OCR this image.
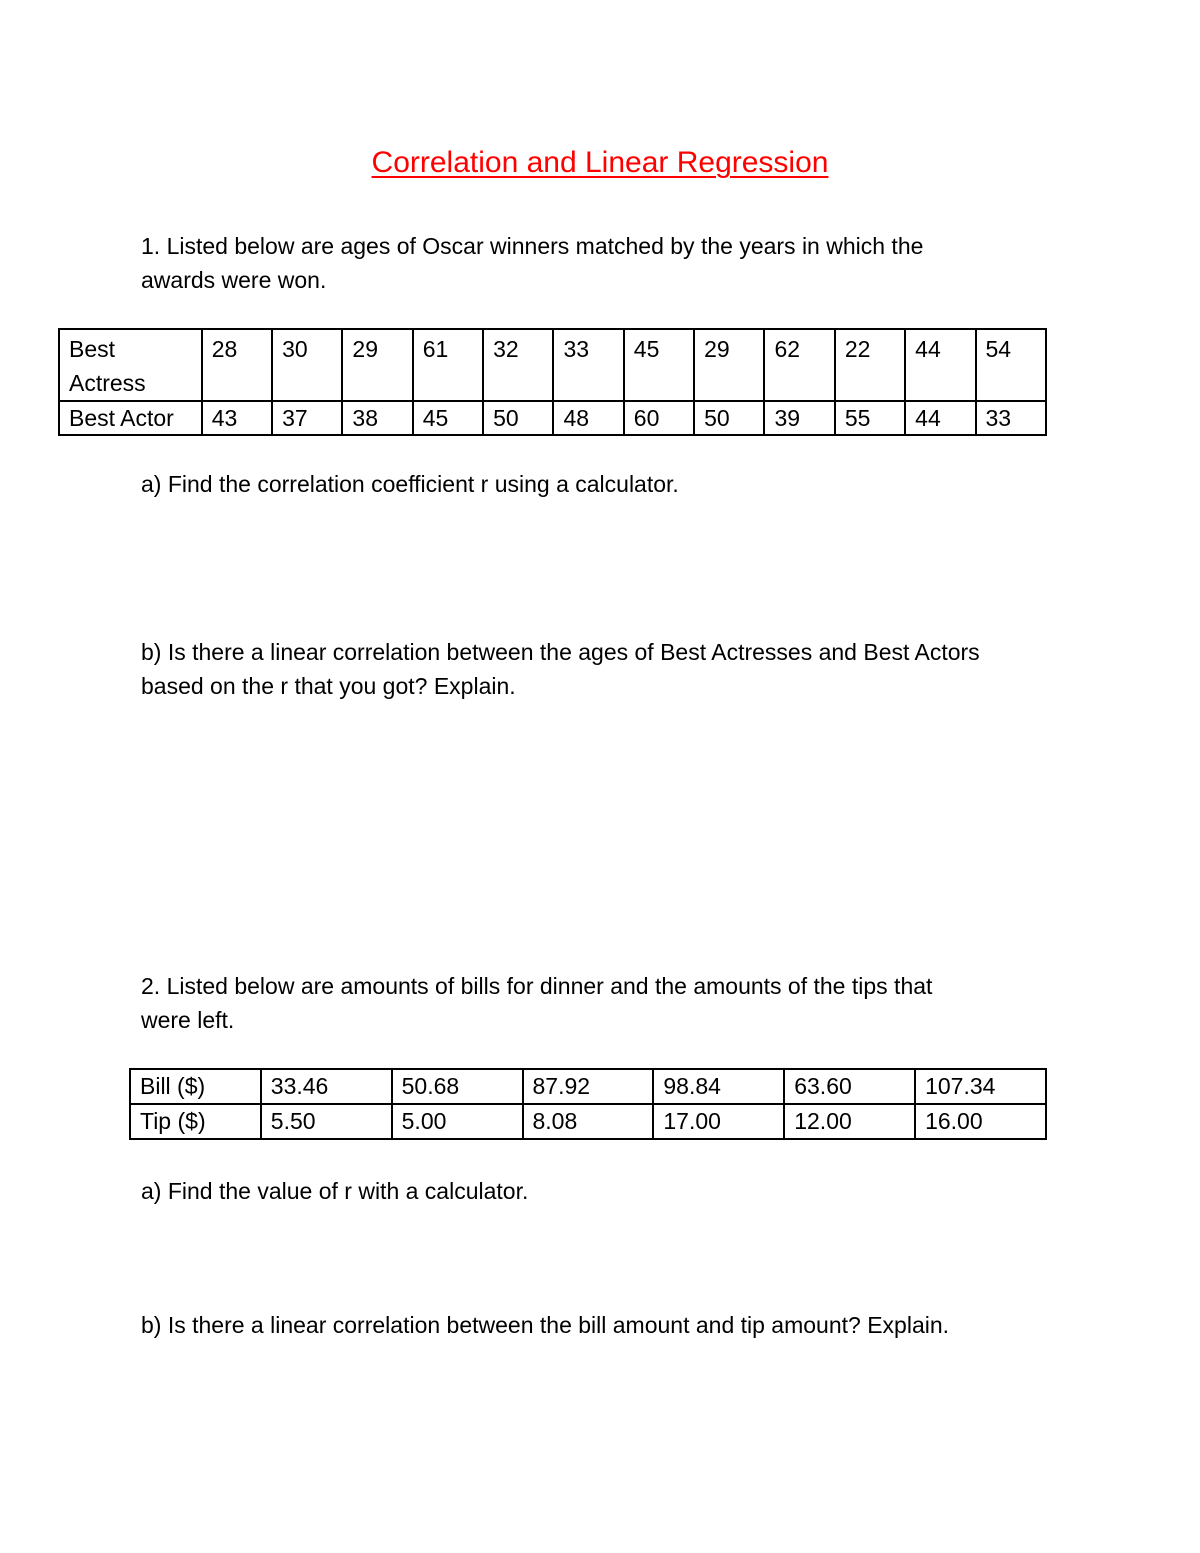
Correlation and Linear Regression

1. Listed below are ages of Oscar winners matched by the years in which the
awards were won.

Best
Actress	28	30	29	61	32	33	45	29	62	22	44	54
Best Actor	43	37	38	45	50	48	60	50	39	55	44	33

a) Find the correlation coefficient r using a calculator.

b) Is there a linear correlation between the ages of Best Actresses and Best Actors
based on the r that you got? Explain.

2. Listed below are amounts of bills for dinner and the amounts of the tips that
were left.

Bill ($)	33.46	50.68	87.92	98.84	63.60	107.34
Tip ($)	5.50	5.00	8.08	17.00	12.00	16.00

a) Find the value of r with a calculator.

b) Is there a linear correlation between the bill amount and tip amount? Explain.
